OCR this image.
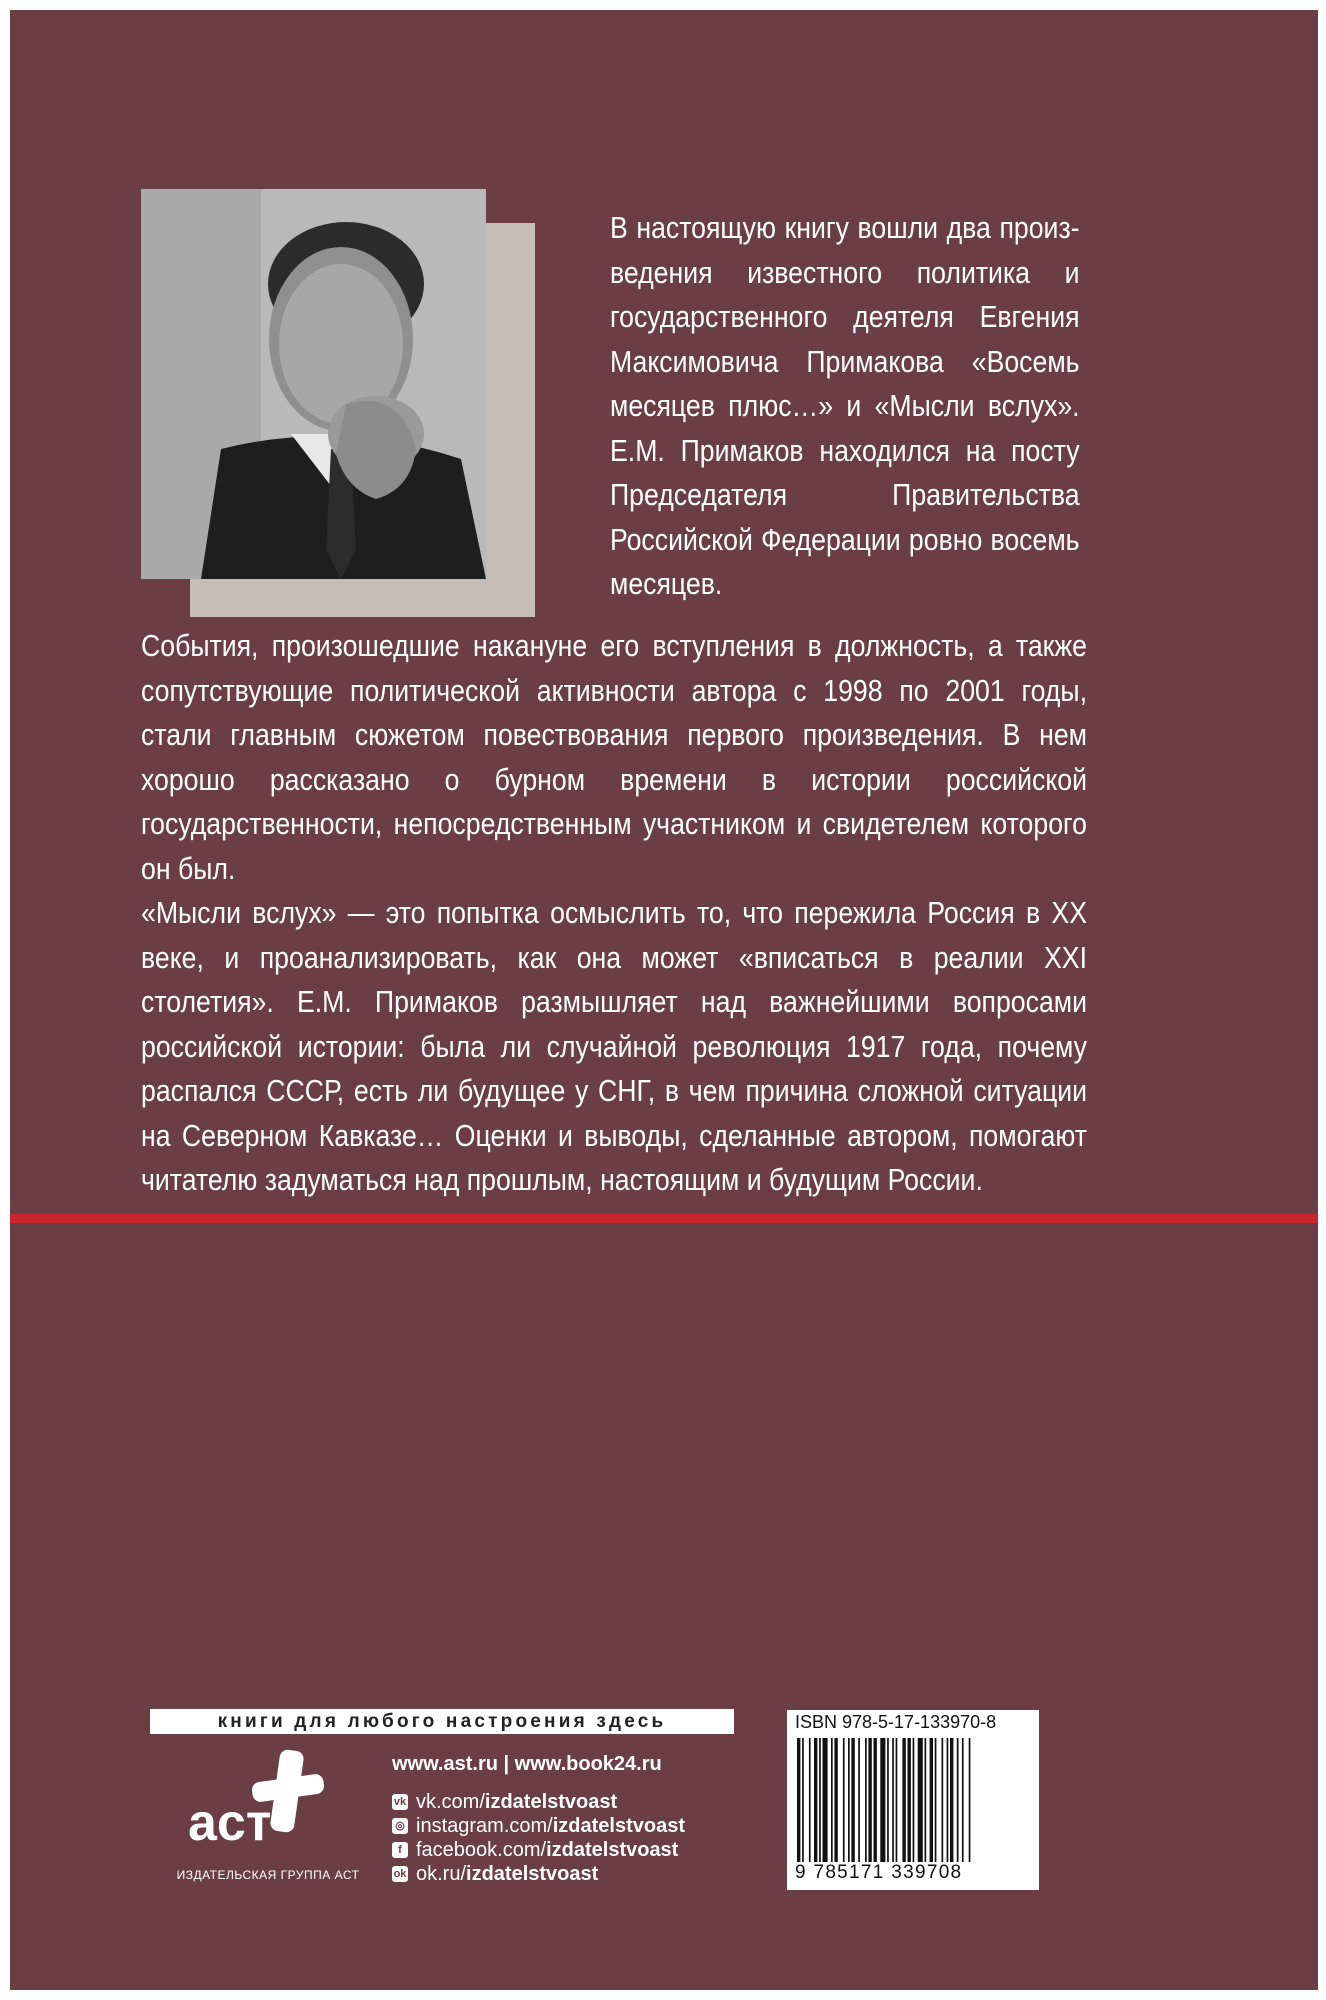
В настоящую книгу вошли два произведения известного политика и государственного деятеля Евгения Максимовича Примакова «Восемь месяцев плюс…» и «Мысли вслух». Е.М. Примаков находился на посту Председателя Правительства Российской Федерации ровно восемь месяцев.

События, произошедшие накануне его вступления в должность, а также сопутствующие политической активности автора с 1998 по 2001 годы, стали главным сюжетом повествования первого произведения. В нем хорошо рассказано о бурном времени в истории российской государственности, непосредственным участником и свидетелем которого он был.

«Мысли вслух» — это попытка осмыслить то, что пережила Россия в XX веке, и проанализировать, как она может «вписаться в реалии XXI столетия». Е.М. Примаков размышляет над важнейшими вопросами российской истории: была ли случайной революция 1917 года, почему распался СССР, есть ли будущее у СНГ, в чем причина сложной ситуации на Северном Кавказе… Оценки и выводы, сделанные автором, помогают читателю задуматься над прошлым, настоящим и будущим России.

книги для любого настроения здесь
аст
ИЗДАТЕЛЬСКАЯ ГРУППА АСТ
www.ast.ru | www.book24.ru
vk vk.com/ izdatelstvoast
◎ instagram.com/ izdatelstvoast
f facebook.com/ izdatelstvoast
ok ok.ru/ izdatelstvoast
ISBN 978-5-17-133970-8
9 785171 339708
